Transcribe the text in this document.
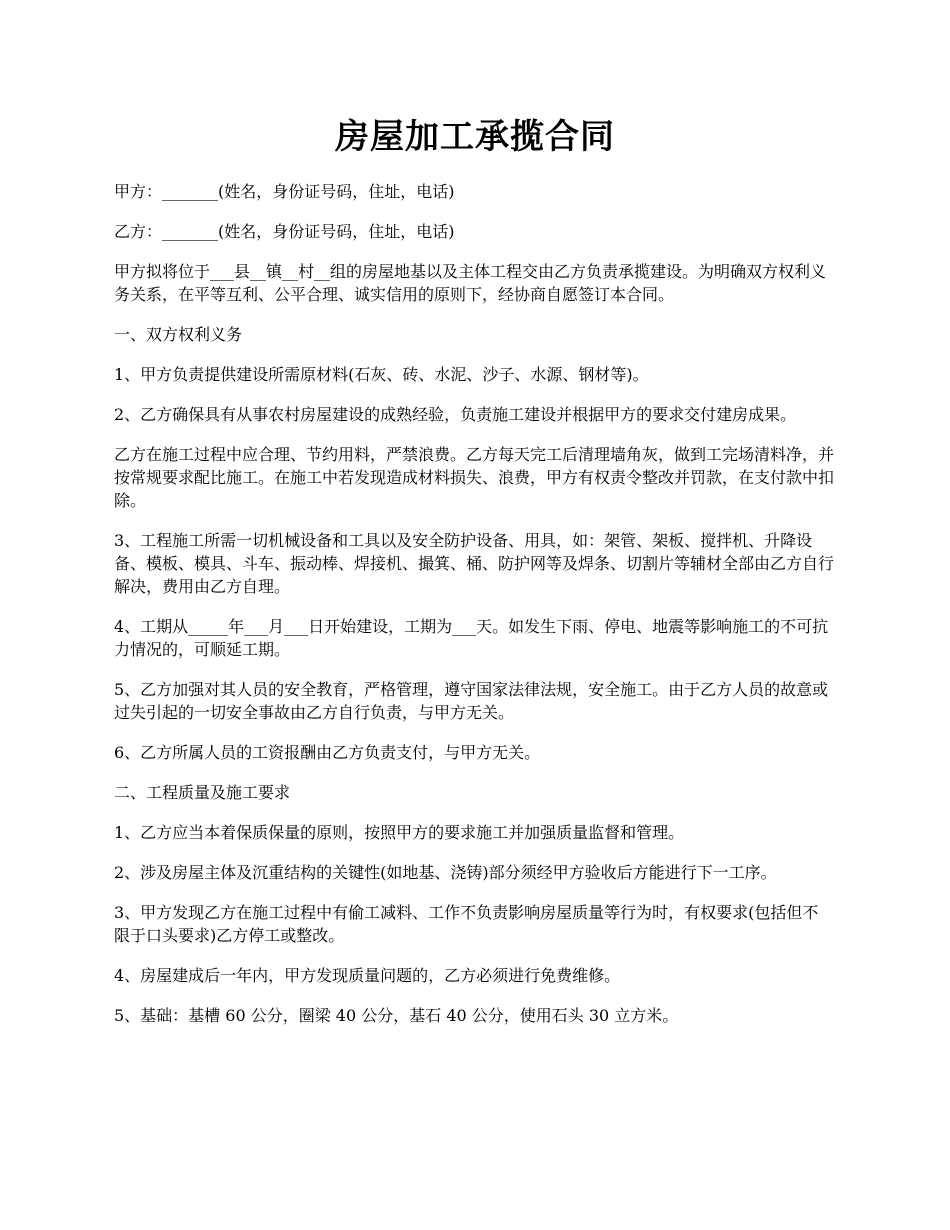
房屋加工承揽合同

甲方：_______(姓名，身份证号码，住址，电话)

乙方：_______(姓名，身份证号码，住址，电话)

甲方拟将位于___县__镇__村__组的房屋地基以及主体工程交由乙方负责承揽建设。为明确双方权利义务关系，在平等互利、公平合理、诚实信用的原则下，经协商自愿签订本合同。

一、双方权利义务

1、甲方负责提供建设所需原材料(石灰、砖、水泥、沙子、水源、钢材等)。

2、乙方确保具有从事农村房屋建设的成熟经验，负责施工建设并根据甲方的要求交付建房成果。

乙方在施工过程中应合理、节约用料，严禁浪费。乙方每天完工后清理墙角灰，做到工完场清料净，并按常规要求配比施工。在施工中若发现造成材料损失、浪费，甲方有权责令整改并罚款，在支付款中扣除。

3、工程施工所需一切机械设备和工具以及安全防护设备、用具，如：架管、架板、搅拌机、升降设备、模板、模具、斗车、振动棒、焊接机、撮箕、桶、防护网等及焊条、切割片等辅材全部由乙方自行解决，费用由乙方自理。

4、工期从_____年___月___日开始建设，工期为___天。如发生下雨、停电、地震等影响施工的不可抗力情况的，可顺延工期。

5、乙方加强对其人员的安全教育，严格管理，遵守国家法律法规，安全施工。由于乙方人员的故意或过失引起的一切安全事故由乙方自行负责，与甲方无关。

6、乙方所属人员的工资报酬由乙方负责支付，与甲方无关。

二、工程质量及施工要求

1、乙方应当本着保质保量的原则，按照甲方的要求施工并加强质量监督和管理。

2、涉及房屋主体及沉重结构的关键性(如地基、浇铸)部分须经甲方验收后方能进行下一工序。

3、甲方发现乙方在施工过程中有偷工减料、工作不负责影响房屋质量等行为时，有权要求(包括但不限于口头要求)乙方停工或整改。

4、房屋建成后一年内，甲方发现质量问题的，乙方必须进行免费维修。

5、基础：基槽 60 公分，圈梁 40 公分，基石 40 公分，使用石头 30 立方米。
